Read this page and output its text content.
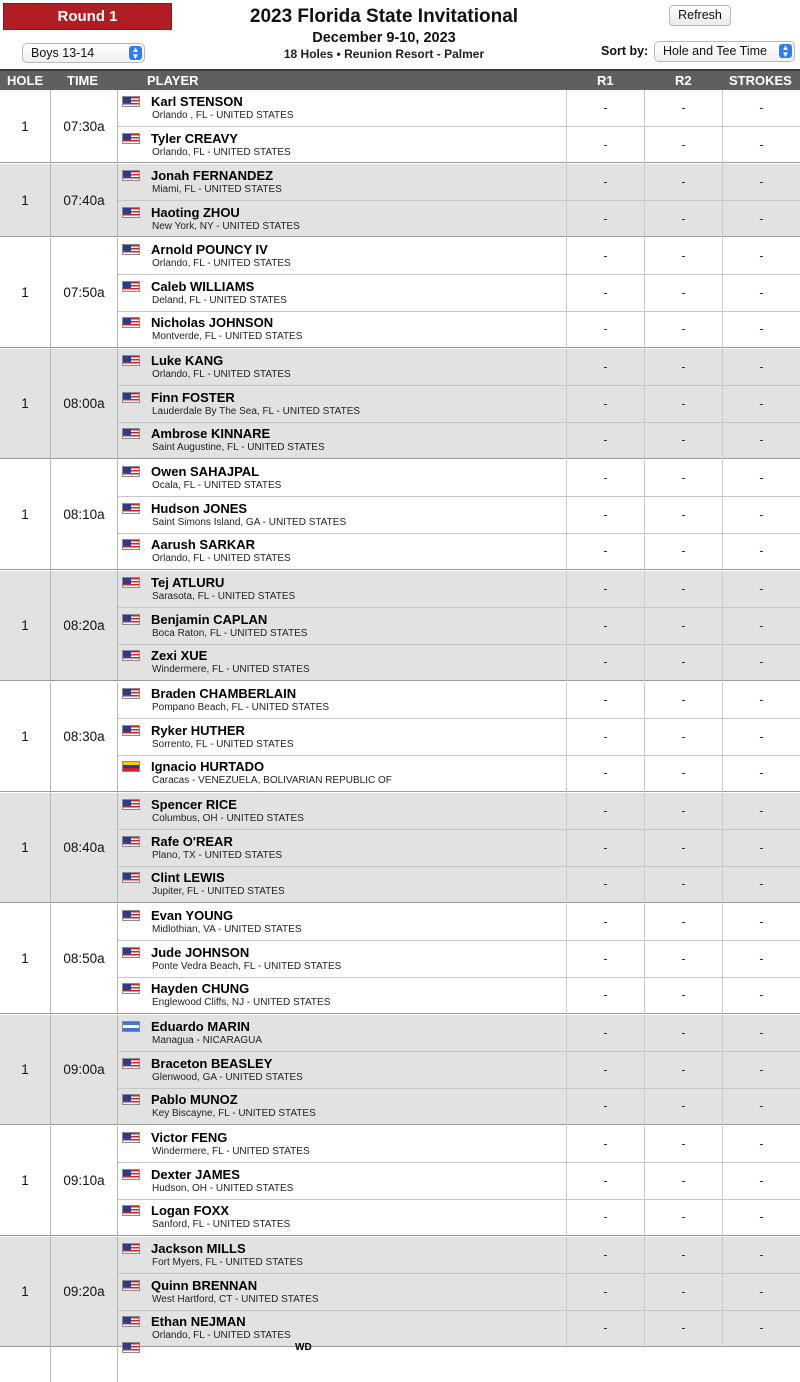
Round 1	2023 Florida State Invitational
December 9-10, 2023
18 Holes • Reunion Resort - Palmer
Refresh
Boys 13-14	▲
▼	Sort by:	Hole and Tee Time	▲
▼
HOLE TIME	PLAYER	R1	R2	STROKES
1	07:30a
Karl STENSON
Orlando , FL - UNITED STATES
-	-	-
Tyler CREAVY
Orlando, FL - UNITED STATES
-	-	-
1	07:40a
Jonah FERNANDEZ
Miami, FL - UNITED STATES
-	-	-
Haoting ZHOU
New York, NY - UNITED STATES
-	-	-
1	07:50a
Arnold POUNCY IV
Orlando, FL - UNITED STATES
-	-	-
Caleb WILLIAMS
Deland, FL - UNITED STATES
-	-	-
Nicholas JOHNSON
Montverde, FL - UNITED STATES
-	-	-
1	08:00a
Luke KANG
Orlando, FL - UNITED STATES
-	-	-
Finn FOSTER
Lauderdale By The Sea, FL - UNITED STATES
-	-	-
Ambrose KINNARE
Saint Augustine, FL - UNITED STATES
-	-	-
1	08:10a
Owen SAHAJPAL
Ocala, FL - UNITED STATES
-	-	-
Hudson JONES
Saint Simons Island, GA - UNITED STATES
-	-	-
Aarush SARKAR
Orlando, FL - UNITED STATES
-	-	-
1	08:20a
Tej ATLURU
Sarasota, FL - UNITED STATES
-	-	-
Benjamin CAPLAN
Boca Raton, FL - UNITED STATES
-	-	-
Zexi XUE
Windermere, FL - UNITED STATES
-	-	-
1	08:30a
Braden CHAMBERLAIN
Pompano Beach, FL - UNITED STATES
-	-	-
Ryker HUTHER
Sorrento, FL - UNITED STATES
-	-	-
Ignacio HURTADO
Caracas - VENEZUELA, BOLIVARIAN REPUBLIC OF
-	-	-
1	08:40a
Spencer RICE
Columbus, OH - UNITED STATES
-	-	-
Rafe O'REAR
Plano, TX - UNITED STATES
-	-	-
Clint LEWIS
Jupiter, FL - UNITED STATES
-	-	-
1	08:50a
Evan YOUNG
Midlothian, VA - UNITED STATES
-	-	-
Jude JOHNSON
Ponte Vedra Beach, FL - UNITED STATES
-	-	-
Hayden CHUNG
Englewood Cliffs, NJ - UNITED STATES
-	-	-
1	09:00a
Eduardo MARIN
Managua - NICARAGUA
-	-	-
Braceton BEASLEY
Glenwood, GA - UNITED STATES
-	-	-
Pablo MUNOZ
Key Biscayne, FL - UNITED STATES
-	-	-
1	09:10a
Victor FENG
Windermere, FL - UNITED STATES
-	-	-
Dexter JAMES
Hudson, OH - UNITED STATES
-	-	-
Logan FOXX
Sanford, FL - UNITED STATES
-	-	-
1	09:20a
Jackson MILLS
Fort Myers, FL - UNITED STATES
-	-	-
Quinn BRENNAN
West Hartford, CT - UNITED STATES
-	-	-
Ethan NEJMAN
Orlando, FL - UNITED STATES
-	-	-
WD
